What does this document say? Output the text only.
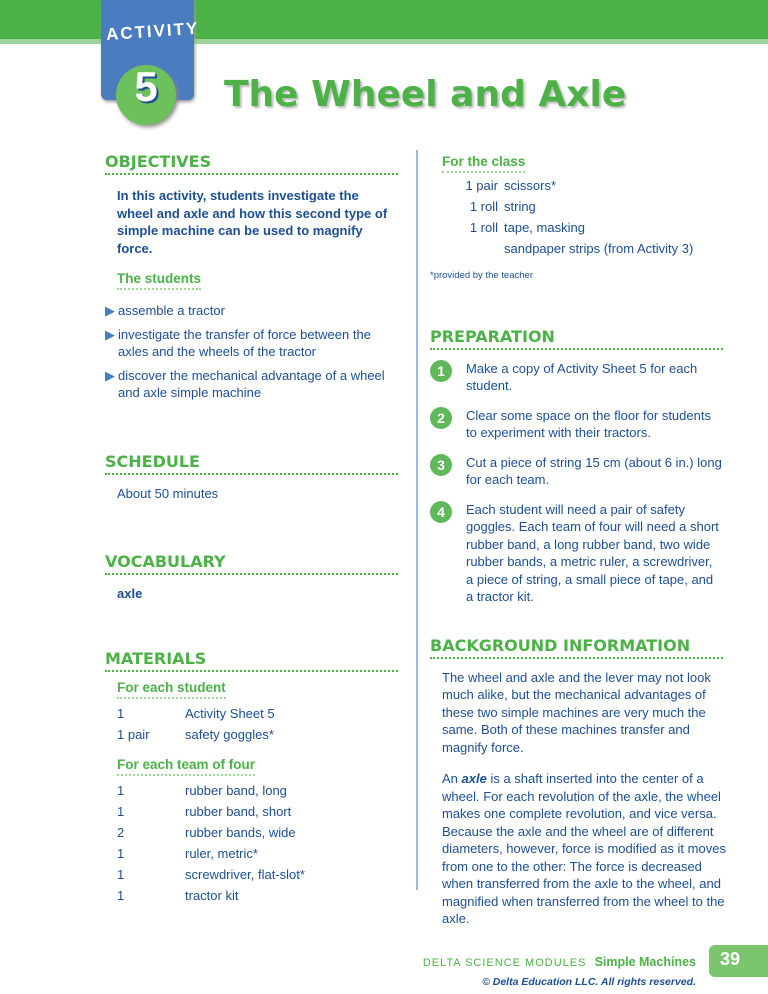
ACTIVITY
5	The Wheel and Axle
OBJECTIVES
In this activity, students investigate the wheel and axle and how this second type of simple machine can be used to magnify force.
The students
▶ assemble a tractor
▶ investigate the transfer of force between the axles and the wheels of the tractor
▶ discover the mechanical advantage of a wheel and axle simple machine
SCHEDULE
About 50 minutes
VOCABULARY
axle
MATERIALS
For each student
1	Activity Sheet 5
1 pair	safety goggles*
For each team of four
1	rubber band, long
1	rubber band, short
2	rubber bands, wide
1	ruler, metric*
1	screwdriver, flat-slot*
1	tractor kit
For the class
1 pair scissors*
1 roll string
1 roll tape, masking
sandpaper strips (from Activity 3)
*provided by the teacher
PREPARATION
1	Make a copy of Activity Sheet 5 for each student.
2	Clear some space on the floor for students to experiment with their tractors.
3	Cut a piece of string 15 cm (about 6 in.) long for each team.
4	Each student will need a pair of safety goggles. Each team of four will need a short rubber band, a long rubber band, two wide rubber bands, a metric ruler, a screwdriver, a piece of string, a small piece of tape, and a tractor kit.
BACKGROUND INFORMATION
The wheel and axle and the lever may not look much alike, but the mechanical advantages of these two simple machines are very much the same. Both of these machines transfer and magnify force.
An axle is a shaft inserted into the center of a wheel. For each revolution of the axle, the wheel makes one complete revolution, and vice versa. Because the axle and the wheel are of different diameters, however, force is modified as it moves from one to the other: The force is decreased when transferred from the axle to the wheel, and magnified when transferred from the wheel to the axle.
DELTA SCIENCE MODULES Simple Machines	39
© Delta Education LLC. All rights reserved.
